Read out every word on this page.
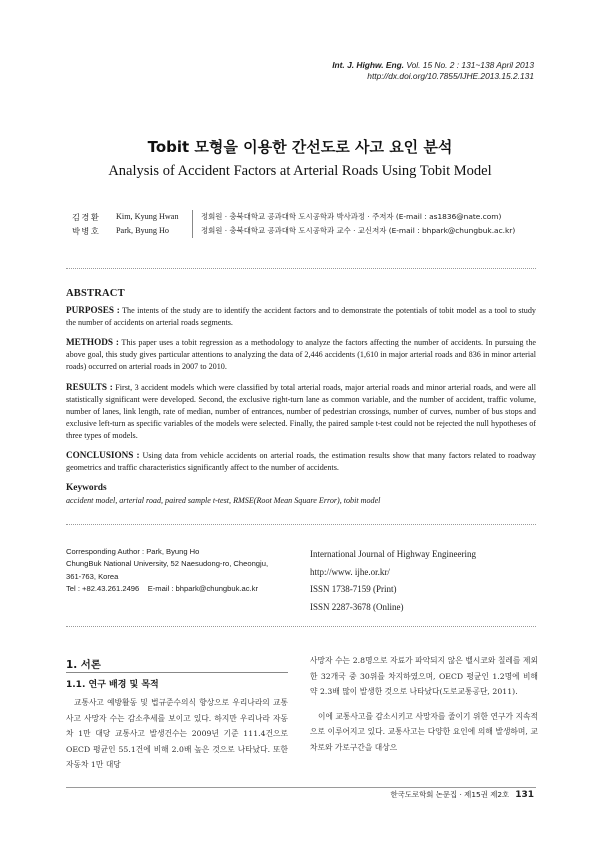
Int. J. Highw. Eng. Vol. 15 No. 2 : 131~138 April 2013
http://dx.doi.org/10.7855/IJHE.2013.15.2.131
Tobit 모형을 이용한 간선도로 사고 요인 분석
Analysis of Accident Factors at Arterial Roads Using Tobit Model
김경환	Kim, Kyung Hwan	정회원 · 충북대학교 공과대학 도시공학과 박사과정 · 주저자 (E-mail : as1836@nate.com)
박병호	Park, Byung Ho	정회원 · 충북대학교 공과대학 도시공학과 교수 · 교신저자 (E-mail : bhpark@chungbuk.ac.kr)
ABSTRACT

PURPOSES : The intents of the study are to identify the accident factors and to demonstrate the potentials of tobit model as a tool to study the number of accidents on arterial roads segments.

METHODS : This paper uses a tobit regression as a methodology to analyze the factors affecting the number of accidents. In pursuing the above goal, this study gives particular attentions to analyzing the data of 2,446 accidents (1,610 in major arterial roads and 836 in minor arterial roads) occurred on arterial roads in 2007 to 2010.

RESULTS : First, 3 accident models which were classified by total arterial roads, major arterial roads and minor arterial roads, and were all statistically significant were developed. Second, the exclusive right-turn lane as common variable, and the number of accident, traffic volume, number of lanes, link length, rate of median, number of entrances, number of pedestrian crossings, number of curves, number of bus stops and exclusive left-turn as specific variables of the models were selected. Finally, the paired sample t-test could not be rejected the null hypotheses of three types of models.

CONCLUSIONS : Using data from vehicle accidents on arterial roads, the estimation results show that many factors related to roadway geometrics and traffic characteristics significantly affect to the number of accidents.

Keywords
accident model, arterial road, paired sample t-test, RMSE(Root Mean Square Error), tobit model
Corresponding Author : Park, Byung Ho
ChungBuk National University, 52 Naesudong-ro, Cheongju,
361-763, Korea
Tel : +82.43.261.2496    E-mail : bhpark@chungbuk.ac.kr
International Journal of Highway Engineering
http://www. ijhe.or.kr/
ISSN 1738-7159 (Print)
ISSN 2287-3678 (Online)
1. 서론
1.1. 연구 배경 및 목적

교통사고 예방활동 및 법규준수의식 향상으로 우리나라의 교통사고 사망자 수는 감소추세를 보이고 있다. 하지만 우리나라 자동차 1만 대당 교통사고 발생건수는 2009년 기준 111.4건으로 OECD 평균인 55.1건에 비해 2.0배 높은 것으로 나타났다. 또한 자동차 1만 대당

사망자 수는 2.8명으로 자료가 파악되지 않은 벨시코와 칠레를 제외한 32개국 중 30위를 차지하였으며, OECD 평균인 1.2명에 비해 약 2.3배 많이 발생한 것으로 나타났다(도로교통공단, 2011).

이에 교통사고를 감소시키고 사망자를 줄이기 위한 연구가 지속적으로 이루어지고 있다. 교통사고는 다양한 요인에 의해 발생하며, 교차로와 가로구간을 대상으

한국도로학회 논문집 · 제15권 제2호 131
